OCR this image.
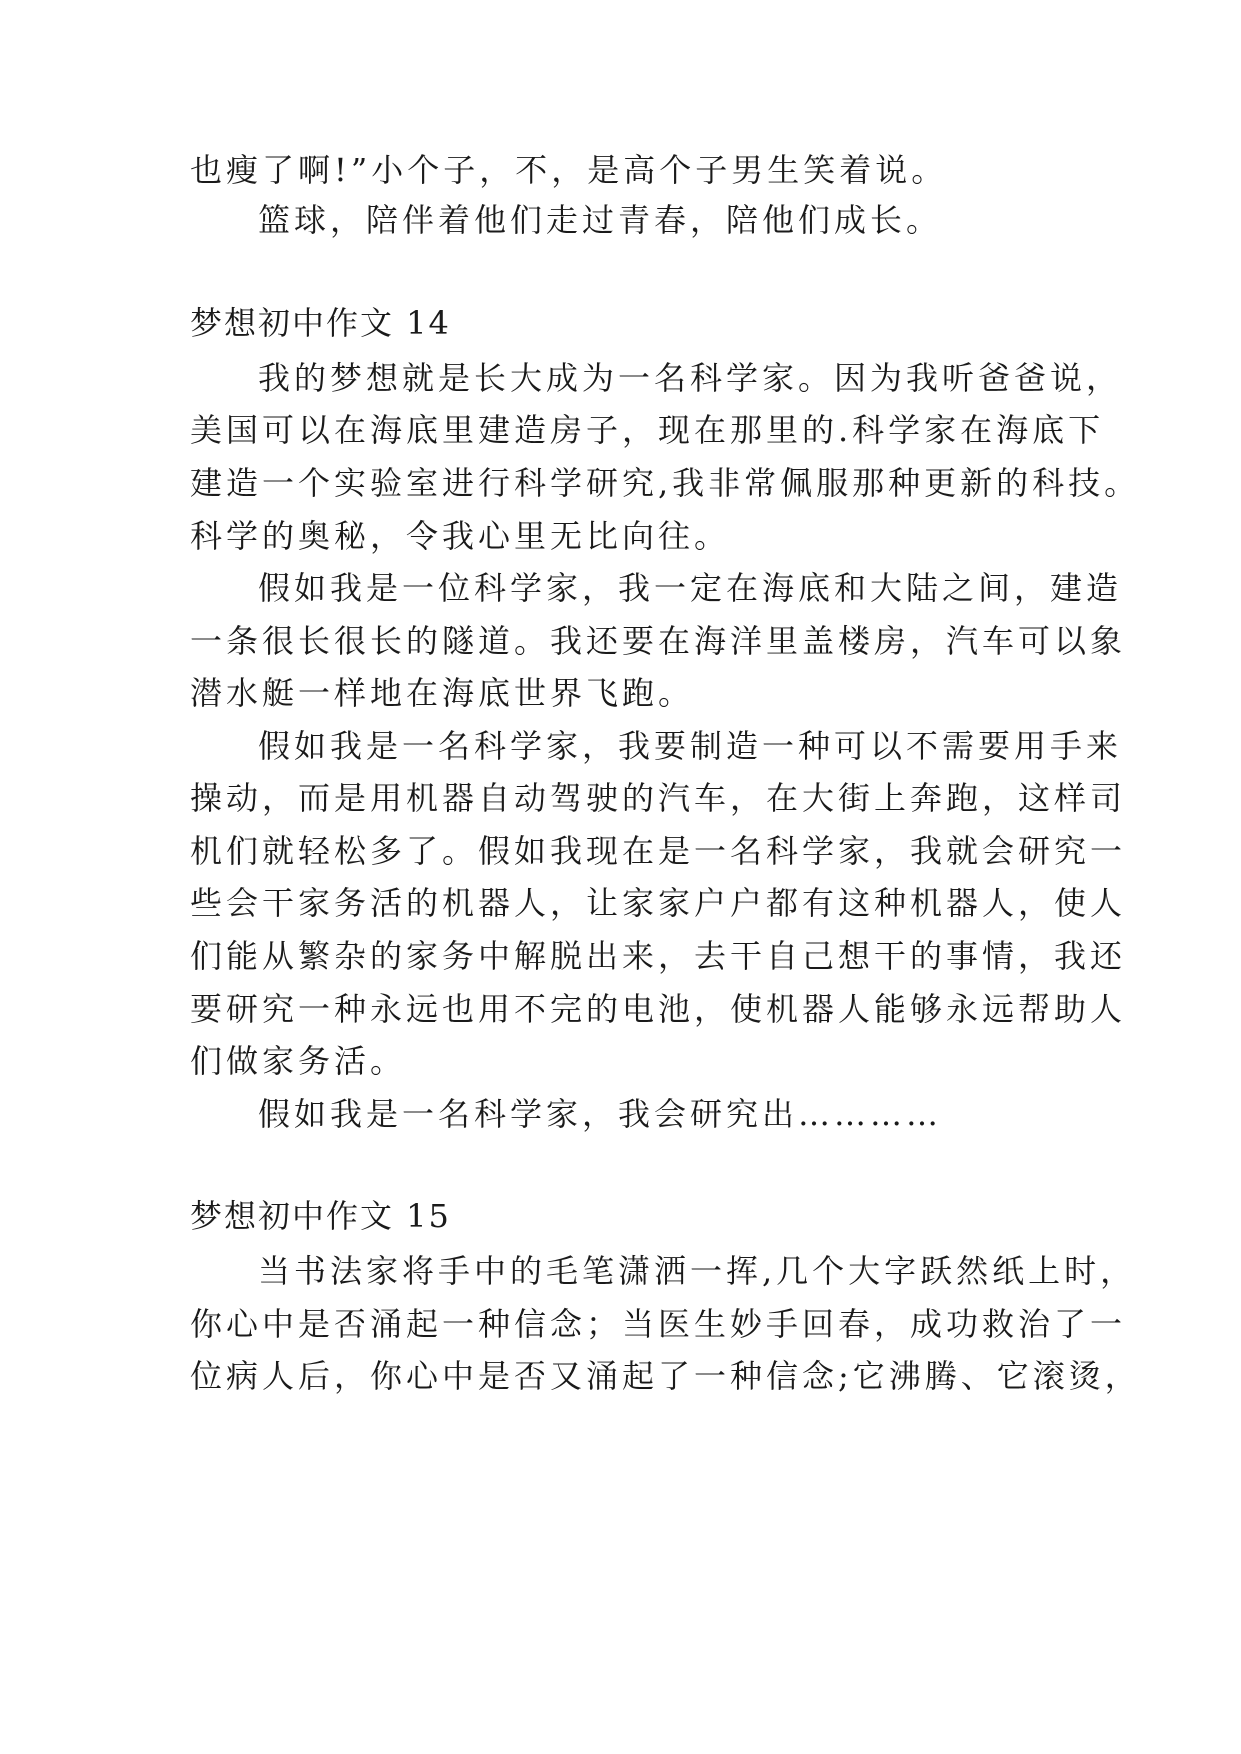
也瘦了啊!”小个子，不，是高个子男生笑着说。
篮球，陪伴着他们走过青春，陪他们成长。
梦想初中作文 14
我的梦想就是长大成为一名科学家。因为我听爸爸说，
美国可以在海底里建造房子，现在那里的.科学家在海底下
建造一个实验室进行科学研究,我非常佩服那种更新的科技。
科学的奥秘，令我心里无比向往。
假如我是一位科学家，我一定在海底和大陆之间，建造
一条很长很长的隧道。我还要在海洋里盖楼房，汽车可以象
潜水艇一样地在海底世界飞跑。
假如我是一名科学家，我要制造一种可以不需要用手来
操动，而是用机器自动驾驶的汽车，在大街上奔跑，这样司
机们就轻松多了。假如我现在是一名科学家，我就会研究一
些会干家务活的机器人，让家家户户都有这种机器人，使人
们能从繁杂的家务中解脱出来，去干自己想干的事情，我还
要研究一种永远也用不完的电池，使机器人能够永远帮助人
们做家务活。
假如我是一名科学家，我会研究出…………
梦想初中作文 15
当书法家将手中的毛笔潇洒一挥,几个大字跃然纸上时，
你心中是否涌起一种信念；当医生妙手回春，成功救治了一
位病人后，你心中是否又涌起了一种信念;它沸腾、它滚烫，
